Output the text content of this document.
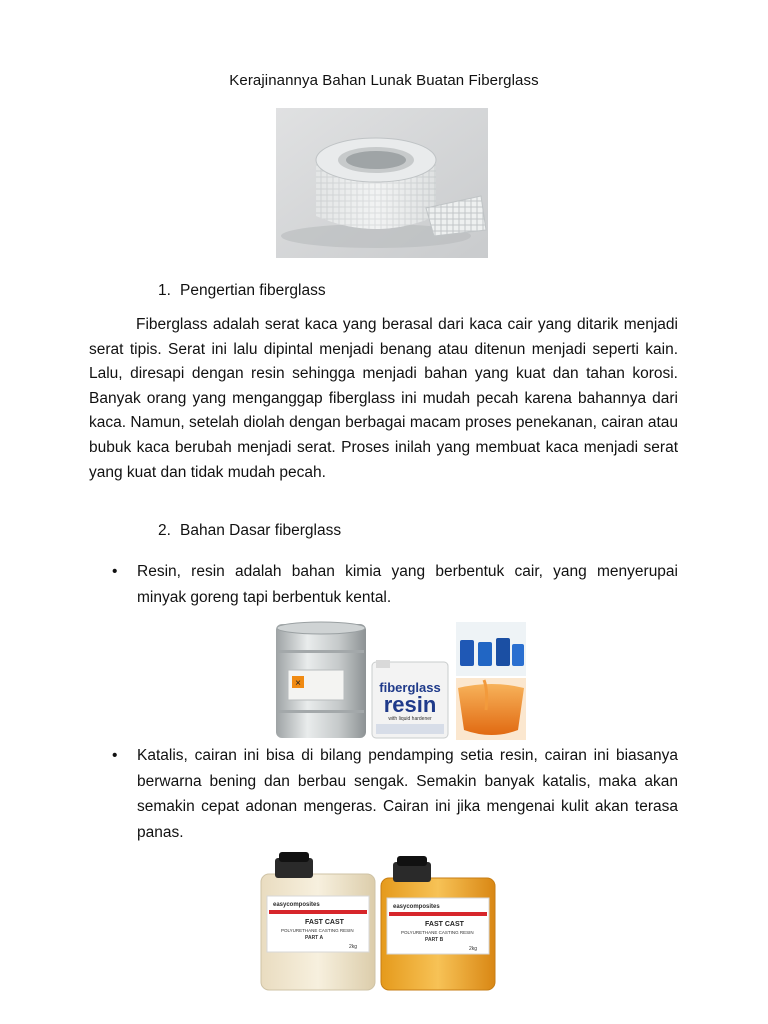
Kerajinannya Bahan Lunak Buatan Fiberglass
1. Pengertian fiberglass

Fiberglass adalah serat kaca yang berasal dari kaca cair yang ditarik menjadi serat tipis. Serat ini lalu dipintal menjadi benang atau ditenun menjadi seperti kain. Lalu, diresapi dengan resin sehingga menjadi bahan yang kuat dan tahan korosi. Banyak orang yang menganggap fiberglass ini mudah pecah karena bahannya dari kaca. Namun, setelah diolah dengan berbagai macam proses penekanan, cairan atau bubuk kaca berubah menjadi serat. Proses inilah yang membuat kaca menjadi serat yang kuat dan tidak mudah pecah.

2. Bahan Dasar fiberglass
•	Resin, resin adalah bahan kimia yang berbentuk cair, yang menyerupai minyak goreng tapi berbentuk kental.
×	fiberglass
resin
with liquid hardener
•	Katalis, cairan ini bisa di bilang pendamping setia resin, cairan ini biasanya berwarna bening dan berbau sengak. Semakin banyak katalis, maka akan semakin cepat adonan mengeras. Cairan ini jika mengenai kulit akan terasa panas.
easycomposites
FAST CAST
POLYURETHANE CASTING RESIN
PART A
2kg
easycomposites
FAST CAST
POLYURETHANE CASTING RESIN
PART B
2kg
